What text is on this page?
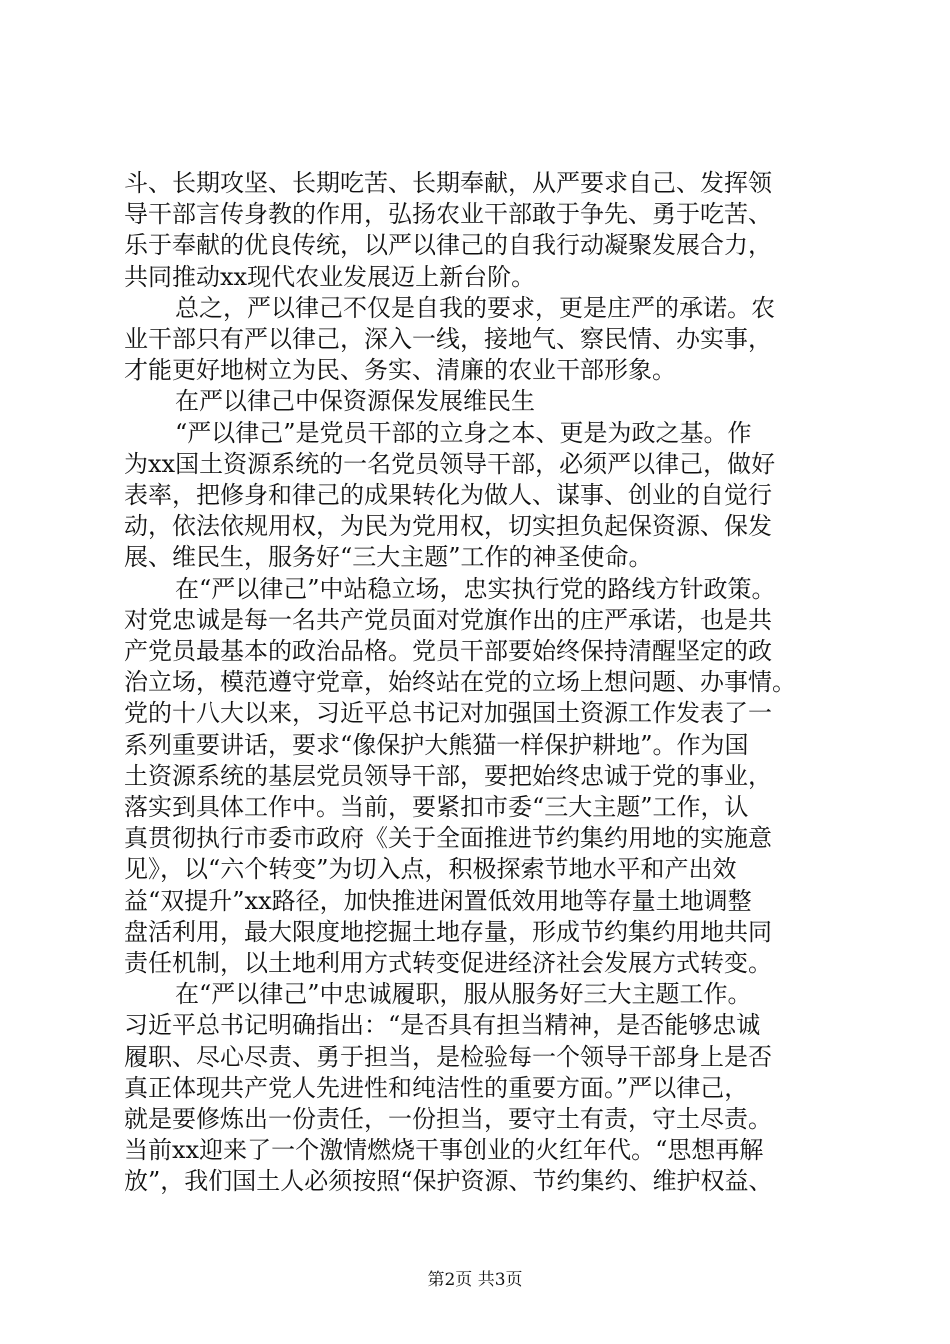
斗、长期攻坚、长期吃苦、长期奉献，从严要求自己、发挥领
导干部言传身教的作用，弘扬农业干部敢于争先、勇于吃苦、
乐于奉献的优良传统，以严以律己的自我行动凝聚发展合力，
共同推动xx现代农业发展迈上新台阶。
总之，严以律己不仅是自我的要求，更是庄严的承诺。农
业干部只有严以律己，深入一线，接地气、察民情、办实事，
才能更好地树立为民、务实、清廉的农业干部形象。
在严以律己中保资源保发展维民生
“严以律己”是党员干部的立身之本、更是为政之基。作
为xx国土资源系统的一名党员领导干部，必须严以律己，做好
表率，把修身和律己的成果转化为做人、谋事、创业的自觉行
动，依法依规用权，为民为党用权，切实担负起保资源、保发
展、维民生，服务好“三大主题”工作的神圣使命。
在“严以律己”中站稳立场，忠实执行党的路线方针政策。
对党忠诚是每一名共产党员面对党旗作出的庄严承诺，也是共
产党员最基本的政治品格。党员干部要始终保持清醒坚定的政
治立场，模范遵守党章，始终站在党的立场上想问题、办事情。
党的十八大以来，习近平总书记对加强国土资源工作发表了一
系列重要讲话，要求“像保护大熊猫一样保护耕地”。作为国
土资源系统的基层党员领导干部，要把始终忠诚于党的事业，
落实到具体工作中。当前，要紧扣市委“三大主题”工作，认
真贯彻执行市委市政府《关于全面推进节约集约用地的实施意
见》，以“六个转变”为切入点，积极探索节地水平和产出效
益“双提升”xx路径，加快推进闲置低效用地等存量土地调整
盘活利用，最大限度地挖掘土地存量，形成节约集约用地共同
责任机制，以土地利用方式转变促进经济社会发展方式转变。
在“严以律己”中忠诚履职，服从服务好三大主题工作。
习近平总书记明确指出：“是否具有担当精神，是否能够忠诚
履职、尽心尽责、勇于担当，是检验每一个领导干部身上是否
真正体现共产党人先进性和纯洁性的重要方面。”严以律己，
就是要修炼出一份责任，一份担当，要守土有责，守土尽责。
当前xx迎来了一个激情燃烧干事创业的火红年代。“思想再解
放”，我们国土人必须按照“保护资源、节约集约、维护权益、
第2页 共3页
